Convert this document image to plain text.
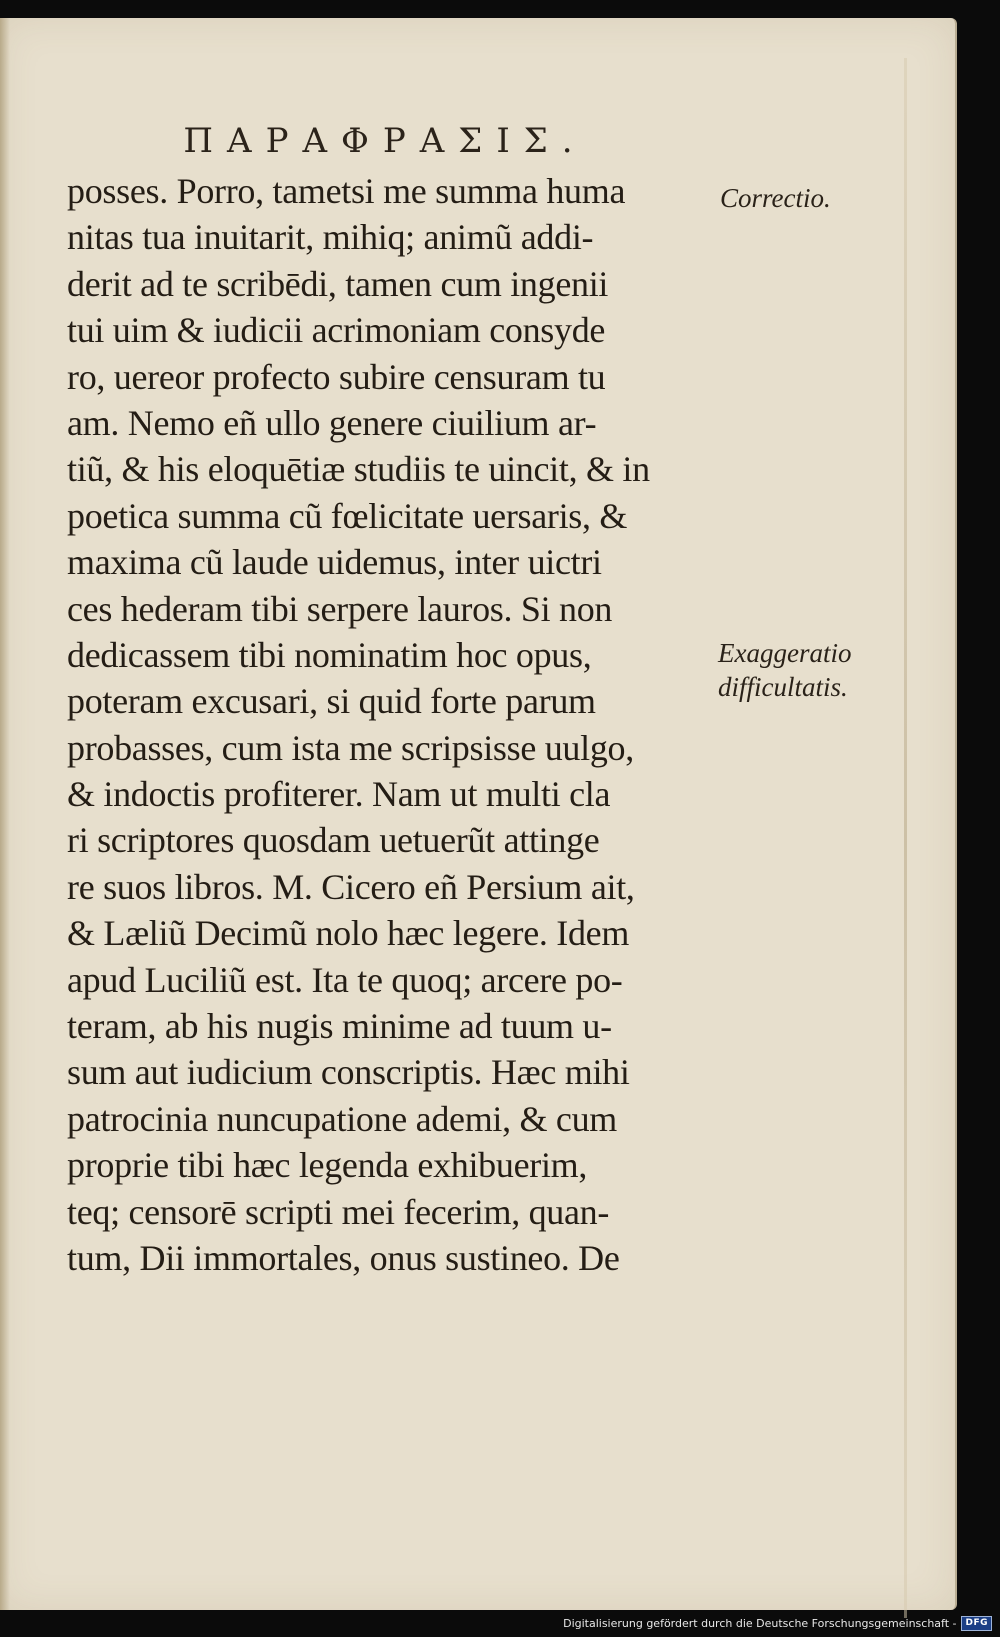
ΠΑΡΑΦΡΑΣΙΣ.
posses. Porro, tametsi me summa huma
nitas tua inuitarit, mihiq; animũ addi-
derit ad te scribēdi, tamen cum ingenii
tui uim & iudicii acrimoniam consyde
ro, uereor profecto subire censuram tu
am. Nemo eñ ullo genere ciuilium ar-
tiũ, & his eloquētiæ studiis te uincit, & in
poetica summa cũ fœlicitate uersaris, &
maxima cũ laude uidemus, inter uictri
ces hederam tibi serpere lauros. Si non
dedicassem tibi nominatim hoc opus,
poteram excusari, si quid forte parum
probasses, cum ista me scripsisse uulgo,
& indoctis profiterer. Nam ut multi cla
ri scriptores quosdam uetuerũt attinge
re suos libros. M. Cicero eñ Persium ait,
& Læliũ Decimũ nolo hæc legere. Idem
apud Luciliũ est. Ita te quoq; arcere po-
teram, ab his nugis minime ad tuum u-
sum aut iudicium conscriptis. Hæc mihi
patrocinia nuncupatione ademi, & cum
proprie tibi hæc legenda exhibuerim,
teq; censorē scripti mei fecerim, quan-
tum, Dii immortales, onus sustineo. De
Correctio.
Exaggeratio
difficultatis.
Digitalisierung gefördert durch die Deutsche Forschungsgemeinschaft -	DFG
